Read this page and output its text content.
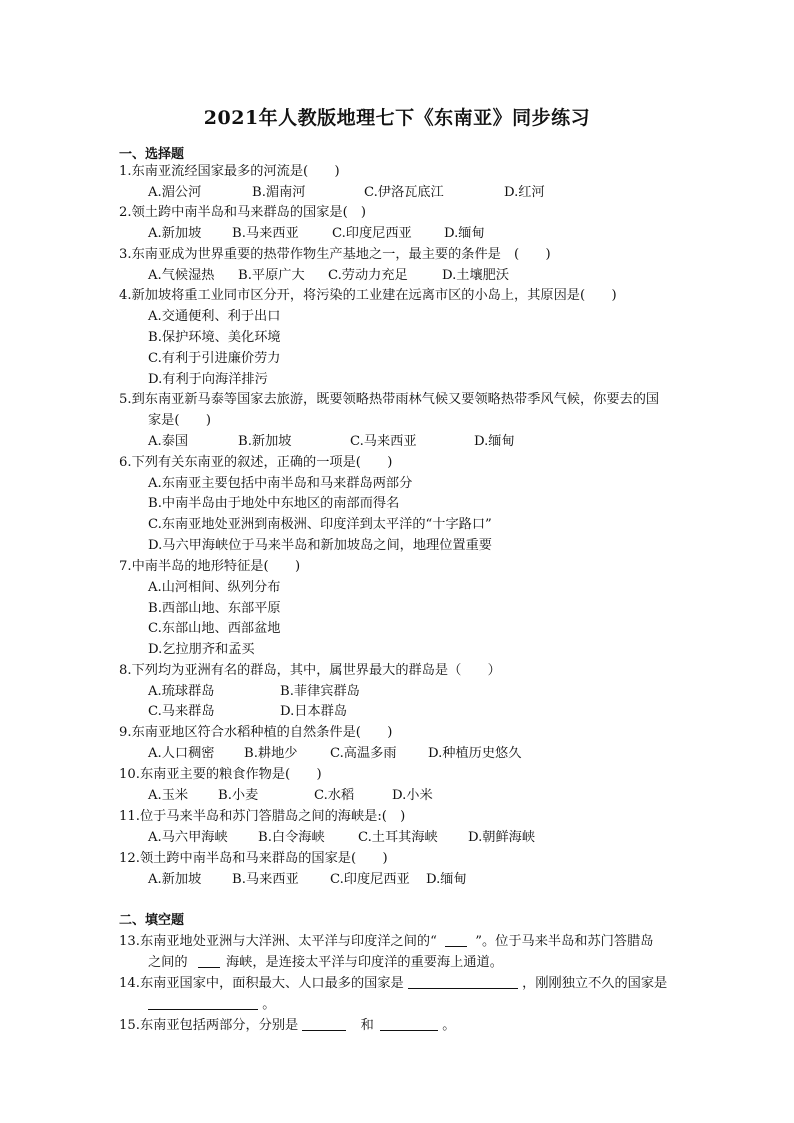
2021年人教版地理七下《东南亚》同步练习
一、选择题
1.东南亚流经国家最多的河流是(　　)
A.湄公河	B.湄南河	C.伊洛瓦底江	D.红河
2.领土跨中南半岛和马来群岛的国家是(　)
A.新加坡 B.马来西亚	C.印度尼西亚 D.缅甸
3.东南亚成为世界重要的热带作物生产基地之一，最主要的条件是　(　　)
A.气候湿热 B.平原广大 C.劳动力充足	D.土壤肥沃
4.新加坡将重工业同市区分开，将污染的工业建在远离市区的小岛上，其原因是(　　)
A.交通便利、利于出口
B.保护环境、美化环境
C.有利于引进廉价劳力
D.有利于向海洋排污
5.到东南亚新马泰等国家去旅游，既要领略热带雨林气候又要领略热带季风气候，你要去的国
家是(　　)
A.泰国	B.新加坡	C.马来西亚	D.缅甸
6.下列有关东南亚的叙述，正确的一项是(　　)
A.东南亚主要包括中南半岛和马来群岛两部分
B.中南半岛由于地处中东地区的南部而得名
C.东南亚地处亚洲到南极洲、印度洋到太平洋的“十字路口”
D.马六甲海峡位于马来半岛和新加坡岛之间，地理位置重要
7.中南半岛的地形特征是(　　)
A.山河相间、纵列分布
B.西部山地、东部平原
C.东部山地、西部盆地
D.乞拉朋齐和孟买
8.下列均为亚洲有名的群岛，其中，属世界最大的群岛是（　　）
A.琉球群岛	B.菲律宾群岛
C.马来群岛	D.日本群岛
9.东南亚地区符合水稻种植的自然条件是(　　)
A.人口稠密 B.耕地少 C.高温多雨 D.种植历史悠久
10.东南亚主要的粮食作物是(　　)
A.玉米 B.小麦	C.水稻	D.小米
11.位于马来半岛和苏门答腊岛之间的海峡是:(　)
A.马六甲海峡 B.白令海峡	C.土耳其海峡 D.朝鲜海峡
12.领土跨中南半岛和马来群岛的国家是(　　)
A.新加坡 B.马来西亚 C.印度尼西亚 D.缅甸
二、填空题
13.东南亚地处亚洲与大洋洲、太平洋与印度洋之间的“	”。位于马来半岛和苏门答腊岛
之间的	海峡，是连接太平洋与印度洋的重要海上通道。
14.东南亚国家中，面积最大、人口最多的国家是	，刚刚独立不久的国家是
。
15.东南亚包括两部分，分别是	和	。
